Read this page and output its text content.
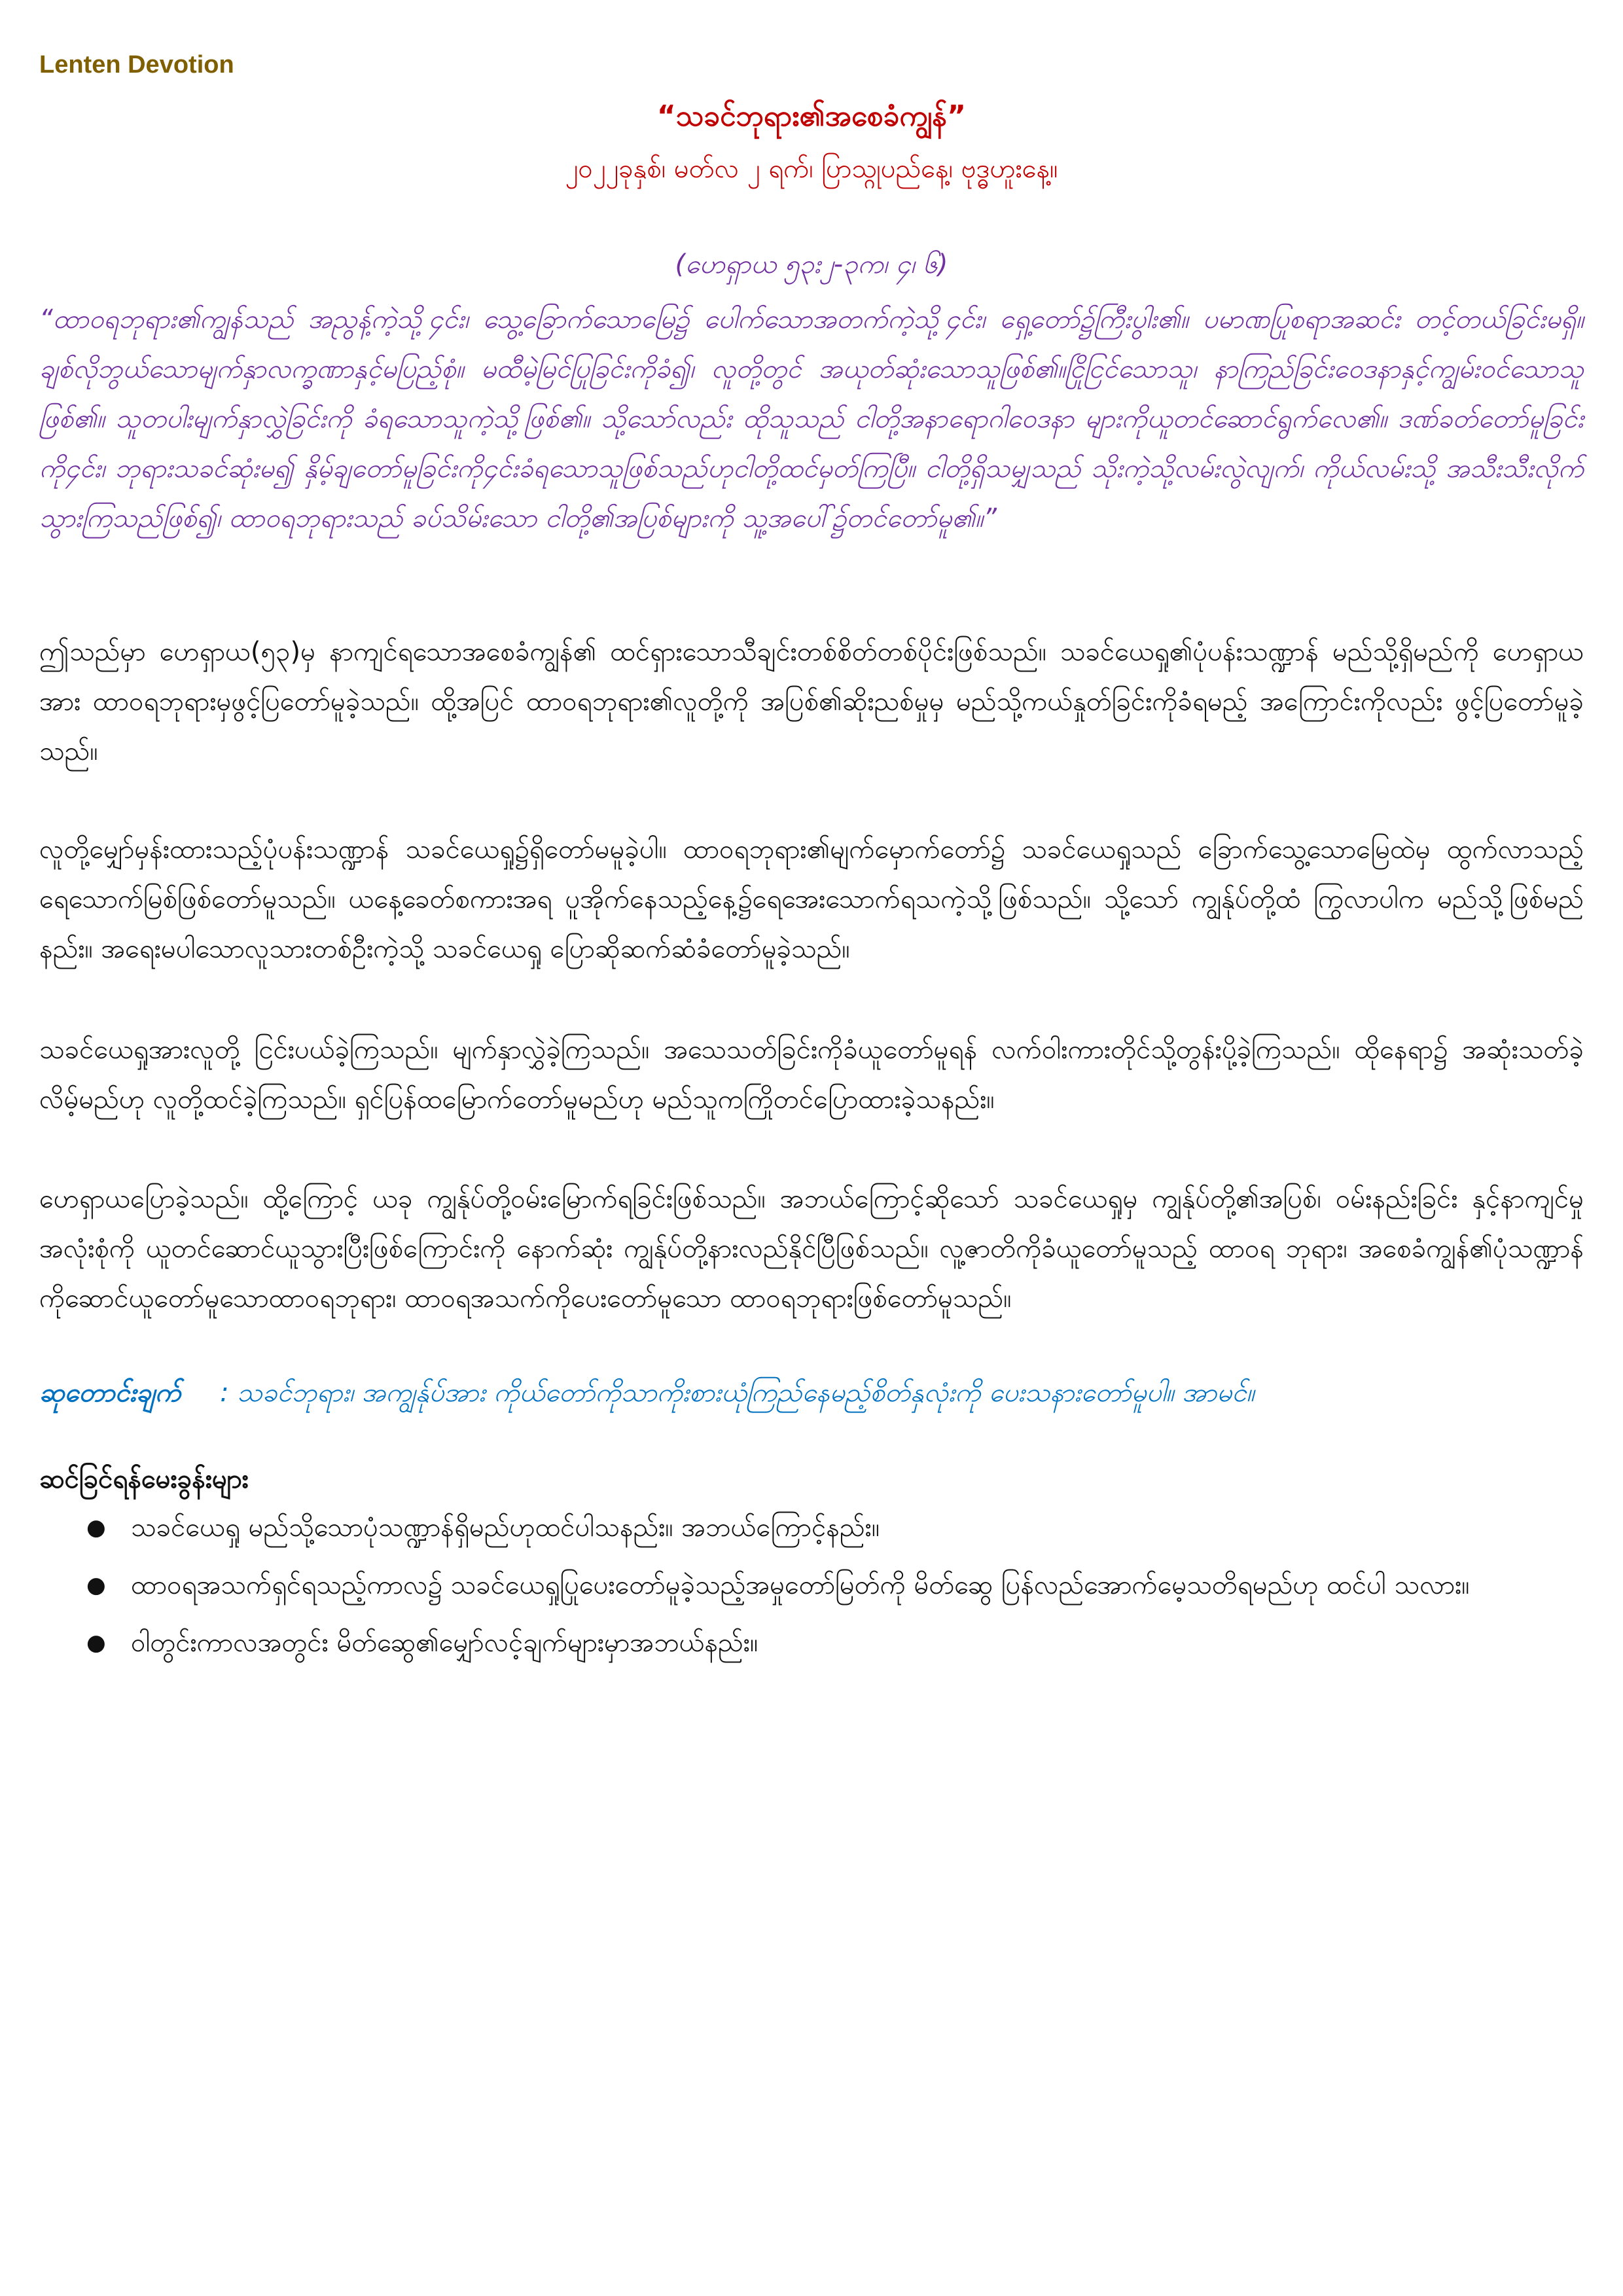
Lenten Devotion
“သခင်ဘုရား၏အစေခံကျွန်”
၂၀၂၂ခုနှစ်၊ မတ်လ ၂ ရက်၊ ပြာသ္ဂုပည်နေ့၊ ဗုဒ္ဓဟူးနေ့။
(ဟေရှာယ ၅၃း၂-၃က၊ ၄၊ ၆)
“ထာဝရဘုရား၏ကျွန်သည် အညွန့်ကဲ့သို့၄င်း၊ သွေ့ခြောက်သောမြေ၌ ပေါက်သောအတက်ကဲ့သို့၄င်း၊ ရှေ့တော်၌ကြီးပွါး၏။ ပမာဏပြုစရာအဆင်း တင့်တယ်ခြင်းမရှိ။ ချစ်လိုဘွယ်သောမျက်နှာလက္ခဏာနှင့်မပြည့်စုံ။ မထီမဲ့မြင်ပြုခြင်းကိုခံ၍၊ လူတို့တွင် အယုတ်ဆုံးသောသူဖြစ်၏။ငြိုငြင်သောသူ၊ နာကြည်ခြင်းဝေဒနာနှင့်ကျွမ်းဝင်သောသူဖြစ်၏။ သူတပါးမျက်နှာလွှဲခြင်းကို ခံရသောသူကဲ့သို့ဖြစ်၏။ သို့သော်လည်း ထိုသူသည် ငါတို့အနာရောဂါဝေဒနာ များကိုယူတင်ဆောင်ရွက်လေ၏။ ဒဏ်ခတ်တော်မူခြင်းကို၄င်း၊ ဘုရားသခင်ဆုံးမ၍ နှိမ့်ချတော်မူခြင်းကို၄င်းခံရသောသူဖြစ်သည်ဟုငါတို့ထင်မှတ်ကြပြီ။ ငါတို့ရှိသမျှသည် သိုးကဲ့သို့လမ်းလွဲလျက်၊ ကိုယ်လမ်းသို့ အသီးသီးလိုက်သွားကြသည်ဖြစ်၍၊ ထာဝရဘုရားသည် ခပ်သိမ်းသော ငါတို့၏အပြစ်များကို သူ့အပေါ်၌တင်တော်မူ၏။”
ဤသည်မှာ ဟေရှာယ(၅၃)မှ နာကျင်ရသောအစေခံကျွန်၏ ထင်ရှားသောသီချင်းတစ်စိတ်တစ်ပိုင်းဖြစ်သည်။ သခင်ယေရှု၏ပုံပန်းသဏ္ဍာန် မည်သို့ရှိမည်ကို ဟေရှာယအား ထာဝရဘုရားမှဖွင့်ပြတော်မူခဲ့သည်။ ထို့အပြင် ထာဝရဘုရား၏လူတို့ကို အပြစ်၏ဆိုးညစ်မှုမှ မည်သို့ကယ်နှုတ်ခြင်းကိုခံရမည့် အကြောင်းကိုလည်း ဖွင့်ပြတော်မူခဲ့သည်။
လူတို့မျှော်မှန်းထားသည့်ပုံပန်းသဏ္ဍာန် သခင်ယေရှု၌ရှိတော်မမူခဲ့ပါ။ ထာဝရဘုရား၏မျက်မှောက်တော်၌ သခင်ယေရှုသည် ခြောက်သွေ့သောမြေထဲမှ ထွက်လာသည့်ရေသောက်မြစ်ဖြစ်တော်မူသည်။ ယနေ့ခေတ်စကားအရ ပူအိုက်နေသည့်နေ့၌ရေအေးသောက်ရသကဲ့သို့ဖြစ်သည်။ သို့သော် ကျွန်ုပ်တို့ထံ ကြွလာပါက မည်သို့ဖြစ်မည်နည်း။ အရေးမပါသောလူသားတစ်ဦးကဲ့သို့ သခင်ယေရှု ပြောဆိုဆက်ဆံခံတော်မူခဲ့သည်။
သခင်ယေရှုအားလူတို့ ငြင်းပယ်ခဲ့ကြသည်။ မျက်နှာလွှဲခဲ့ကြသည်။ အသေသတ်ခြင်းကိုခံယူတော်မူရန် လက်ဝါးကားတိုင်သို့တွန်းပို့ခဲ့ကြသည်။ ထိုနေရာ၌ အဆုံးသတ်ခဲ့လိမ့်မည်ဟု လူတို့ထင်ခဲ့ကြသည်။ ရှင်ပြန်ထမြောက်တော်မူမည်ဟု မည်သူကကြိုတင်ပြောထားခဲ့သနည်း။
ဟေရှာယပြောခဲ့သည်။ ထို့ကြောင့် ယခု ကျွန်ုပ်တို့ဝမ်းမြောက်ရခြင်းဖြစ်သည်။ အဘယ်ကြောင့်ဆိုသော် သခင်ယေရှုမှ ကျွန်ုပ်တို့၏အပြစ်၊ ဝမ်းနည်းခြင်း နှင့်နာကျင်မှုအလုံးစုံကို ယူတင်ဆောင်ယူသွားပြီးဖြစ်ကြောင်းကို နောက်ဆုံး ကျွန်ုပ်တို့နားလည်နိုင်ပြီဖြစ်သည်။ လူ့ဇာတိကိုခံယူတော်မူသည့် ထာဝရ ဘုရား၊ အစေခံကျွန်၏ပုံသဏ္ဍာန်ကိုဆောင်ယူတော်မူသောထာဝရဘုရား၊ ထာဝရအသက်ကိုပေးတော်မူသော ထာဝရဘုရားဖြစ်တော်မူသည်။
ဆုတောင်းချက် : သခင်ဘုရား၊ အကျွန်ုပ်အား ကိုယ်တော်ကိုသာကိုးစားယုံကြည်နေမည့်စိတ်နှလုံးကို ပေးသနားတော်မူပါ။ အာမင်။
ဆင်ခြင်ရန်မေးခွန်းများ
● သခင်ယေရှု မည်သို့သောပုံသဏ္ဍာန်ရှိမည်ဟုထင်ပါသနည်း။ အဘယ်ကြောင့်နည်း။
● ထာဝရအသက်ရှင်ရသည့်ကာလ၌ သခင်ယေရှုပြုပေးတော်မူခဲ့သည့်အမှုတော်မြတ်ကို မိတ်ဆွေ ပြန်လည်အောက်မေ့သတိရမည်ဟု ထင်ပါ သလား။
● ဝါတွင်းကာလအတွင်း မိတ်ဆွေ၏မျှော်လင့်ချက်များမှာအဘယ်နည်း။
